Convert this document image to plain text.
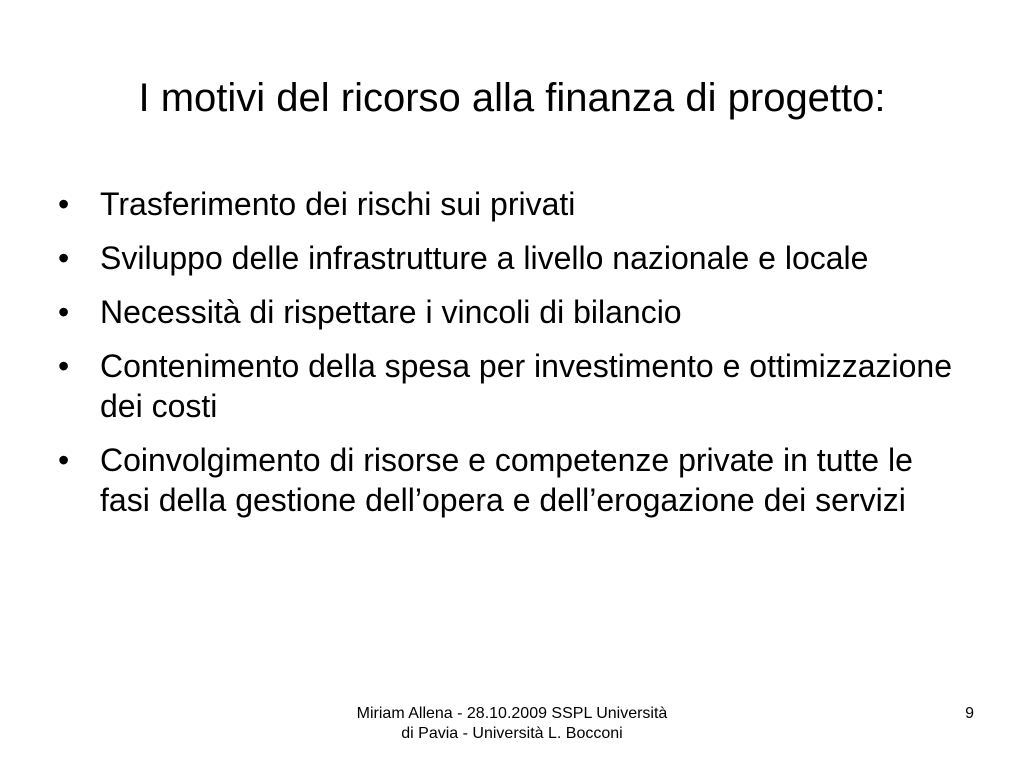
I motivi del ricorso alla finanza di progetto:
• Trasferimento dei rischi sui privati
• Sviluppo delle infrastrutture a livello nazionale e locale
• Necessità di rispettare i vincoli di bilancio
• Contenimento della spesa per investimento e ottimizzazione dei costi
• Coinvolgimento di risorse e competenze private in tutte le fasi della gestione dell’opera e dell’erogazione dei servizi
Miriam Allena - 28.10.2009 SSPL Università di Pavia - Università L. Bocconi
9
